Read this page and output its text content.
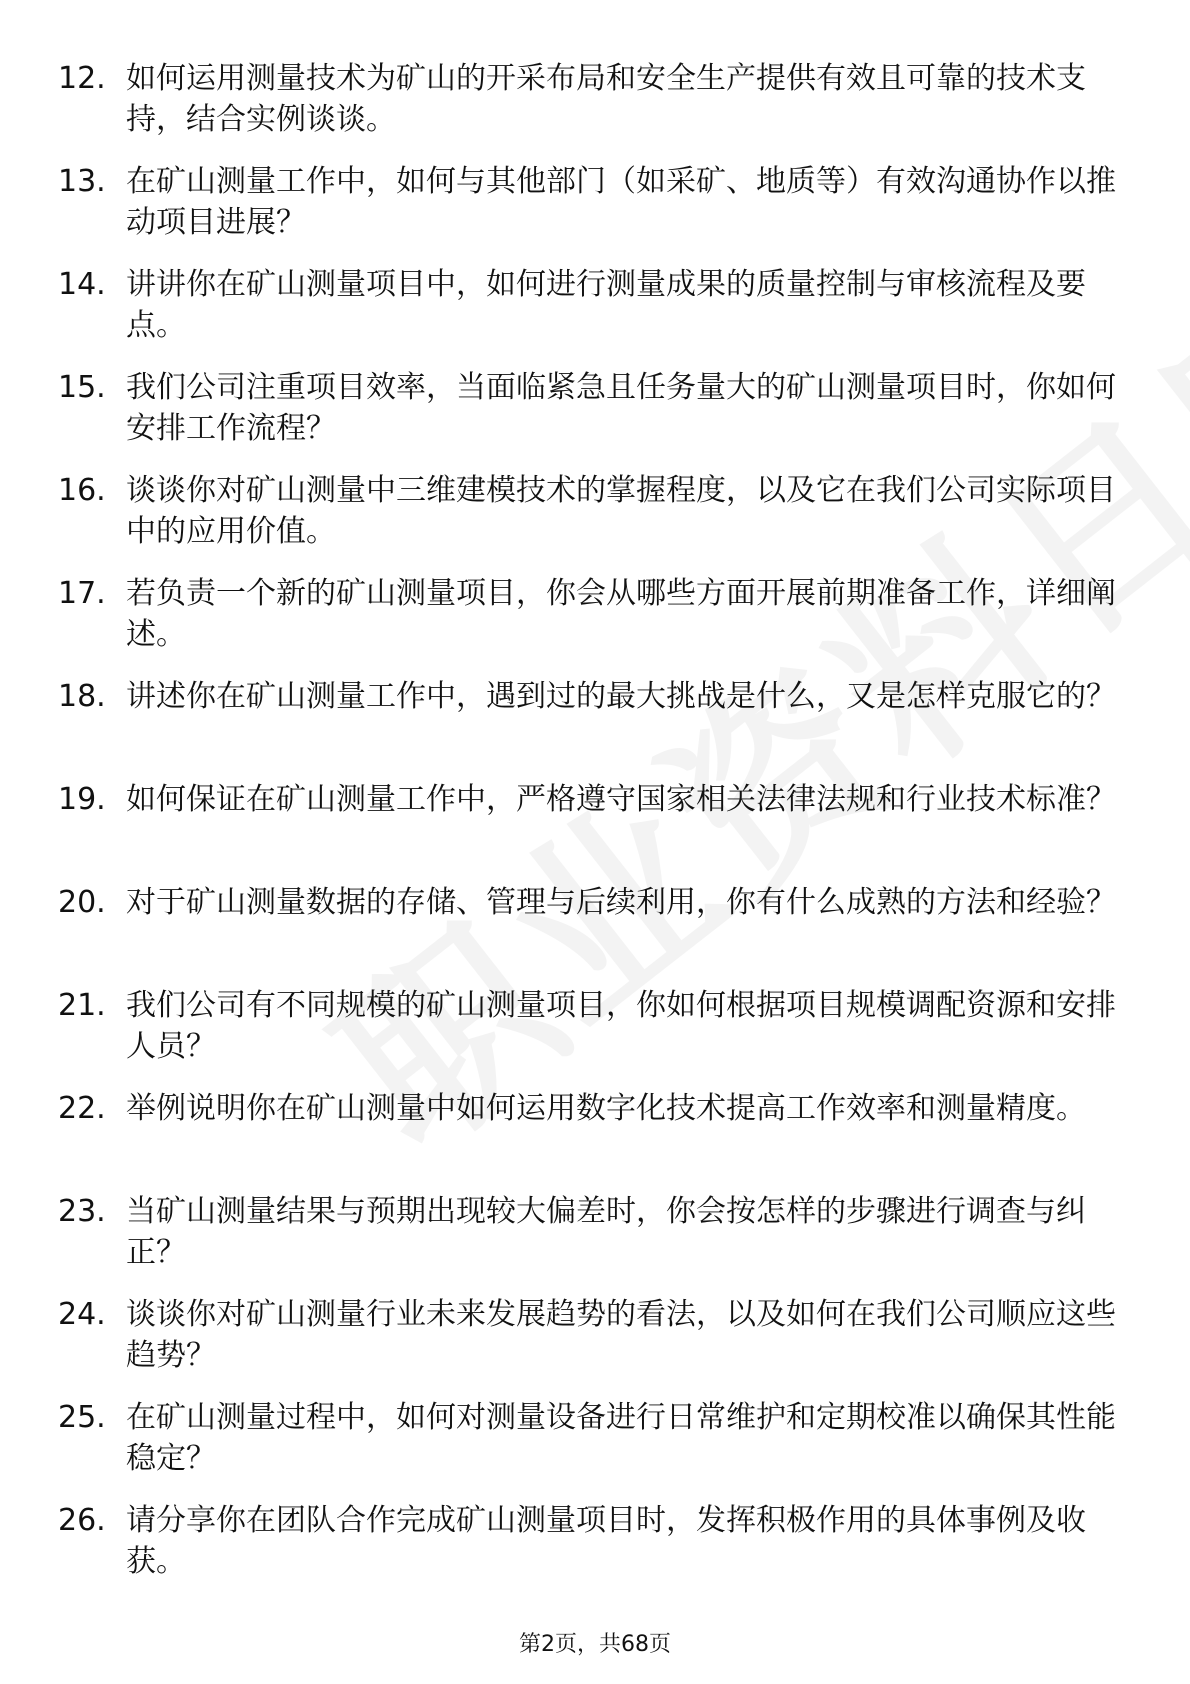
12. 如何运用测量技术为矿山的开采布局和安全生产提供有效且可靠的技术支持，结合实例谈谈。
13. 在矿山测量工作中，如何与其他部门（如采矿、地质等）有效沟通协作以推动项目进展？
14. 讲讲你在矿山测量项目中，如何进行测量成果的质量控制与审核流程及要点。
15. 我们公司注重项目效率，当面临紧急且任务量大的矿山测量项目时，你如何安排工作流程？
16. 谈谈你对矿山测量中三维建模技术的掌握程度，以及它在我们公司实际项目中的应用价值。
17. 若负责一个新的矿山测量项目，你会从哪些方面开展前期准备工作，详细阐述。
18. 讲述你在矿山测量工作中，遇到过的最大挑战是什么，又是怎样克服它的？
19. 如何保证在矿山测量工作中，严格遵守国家相关法律法规和行业技术标准？
20. 对于矿山测量数据的存储、管理与后续利用，你有什么成熟的方法和经验？
21. 我们公司有不同规模的矿山测量项目，你如何根据项目规模调配资源和安排人员？
22. 举例说明你在矿山测量中如何运用数字化技术提高工作效率和测量精度。
23. 当矿山测量结果与预期出现较大偏差时，你会按怎样的步骤进行调查与纠正？
24. 谈谈你对矿山测量行业未来发展趋势的看法，以及如何在我们公司顺应这些趋势？
25. 在矿山测量过程中，如何对测量设备进行日常维护和定期校准以确保其性能稳定？
26. 请分享你在团队合作完成矿山测量项目时，发挥积极作用的具体事例及收获。
第2页，共68页
